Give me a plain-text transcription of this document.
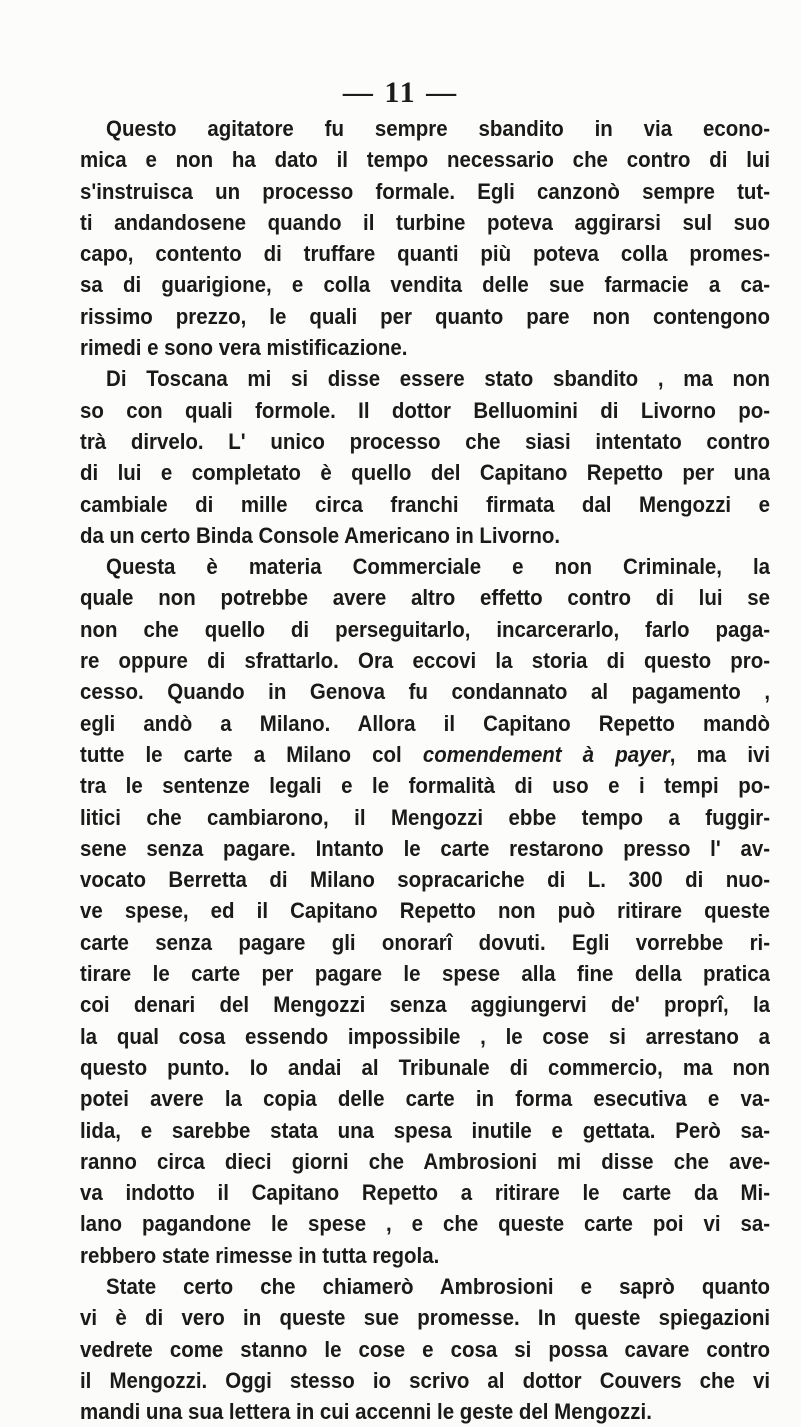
— 11 —
Questo agitatore fu sempre sbandito in via econo-
mica e non ha dato il tempo necessario che contro di lui
s'instruisca un processo formale. Egli canzonò sempre tut-
ti andandosene quando il turbine poteva aggirarsi sul suo
capo, contento di truffare quanti più poteva colla promes-
sa di guarigione, e colla vendita delle sue farmacie a ca-
rissimo prezzo, le quali per quanto pare non contengono
rimedi e sono vera mistificazione.
Di Toscana mi si disse essere stato sbandito , ma non
so con quali formole. Il dottor Belluomini di Livorno po-
trà dirvelo. L' unico processo che siasi intentato contro
di lui e completato è quello del Capitano Repetto per una
cambiale di mille circa franchi firmata dal Mengozzi e
da un certo Binda Console Americano in Livorno.
Questa è materia Commerciale e non Criminale, la
quale non potrebbe avere altro effetto contro di lui se
non che quello di perseguitarlo, incarcerarlo, farlo paga-
re oppure di sfrattarlo. Ora eccovi la storia di questo pro-
cesso. Quando in Genova fu condannato al pagamento ,
egli andò a Milano. Allora il Capitano Repetto mandò
tutte le carte a Milano col comendement à payer, ma ivi
tra le sentenze legali e le formalità di uso e i tempi po-
litici che cambiarono, il Mengozzi ebbe tempo a fuggir-
sene senza pagare. Intanto le carte restarono presso l' av-
vocato Berretta di Milano sopracariche di L. 300 di nuo-
ve spese, ed il Capitano Repetto non può ritirare queste
carte senza pagare gli onorarî dovuti. Egli vorrebbe ri-
tirare le carte per pagare le spese alla fine della pratica
coi denari del Mengozzi senza aggiungervi de' proprî, la
la qual cosa essendo impossibile , le cose si arrestano a
questo punto. Io andai al Tribunale di commercio, ma non
potei avere la copia delle carte in forma esecutiva e va-
lida, e sarebbe stata una spesa inutile e gettata. Però sa-
ranno circa dieci giorni che Ambrosioni mi disse che ave-
va indotto il Capitano Repetto a ritirare le carte da Mi-
lano pagandone le spese , e che queste carte poi vi sa-
rebbero state rimesse in tutta regola.
State certo che chiamerò Ambrosioni e saprò quanto
vi è di vero in queste sue promesse. In queste spiegazioni
vedrete come stanno le cose e cosa si possa cavare contro
il Mengozzi. Oggi stesso io scrivo al dottor Couvers che vi
mandi una sua lettera in cui accenni le geste del Mengozzi.
